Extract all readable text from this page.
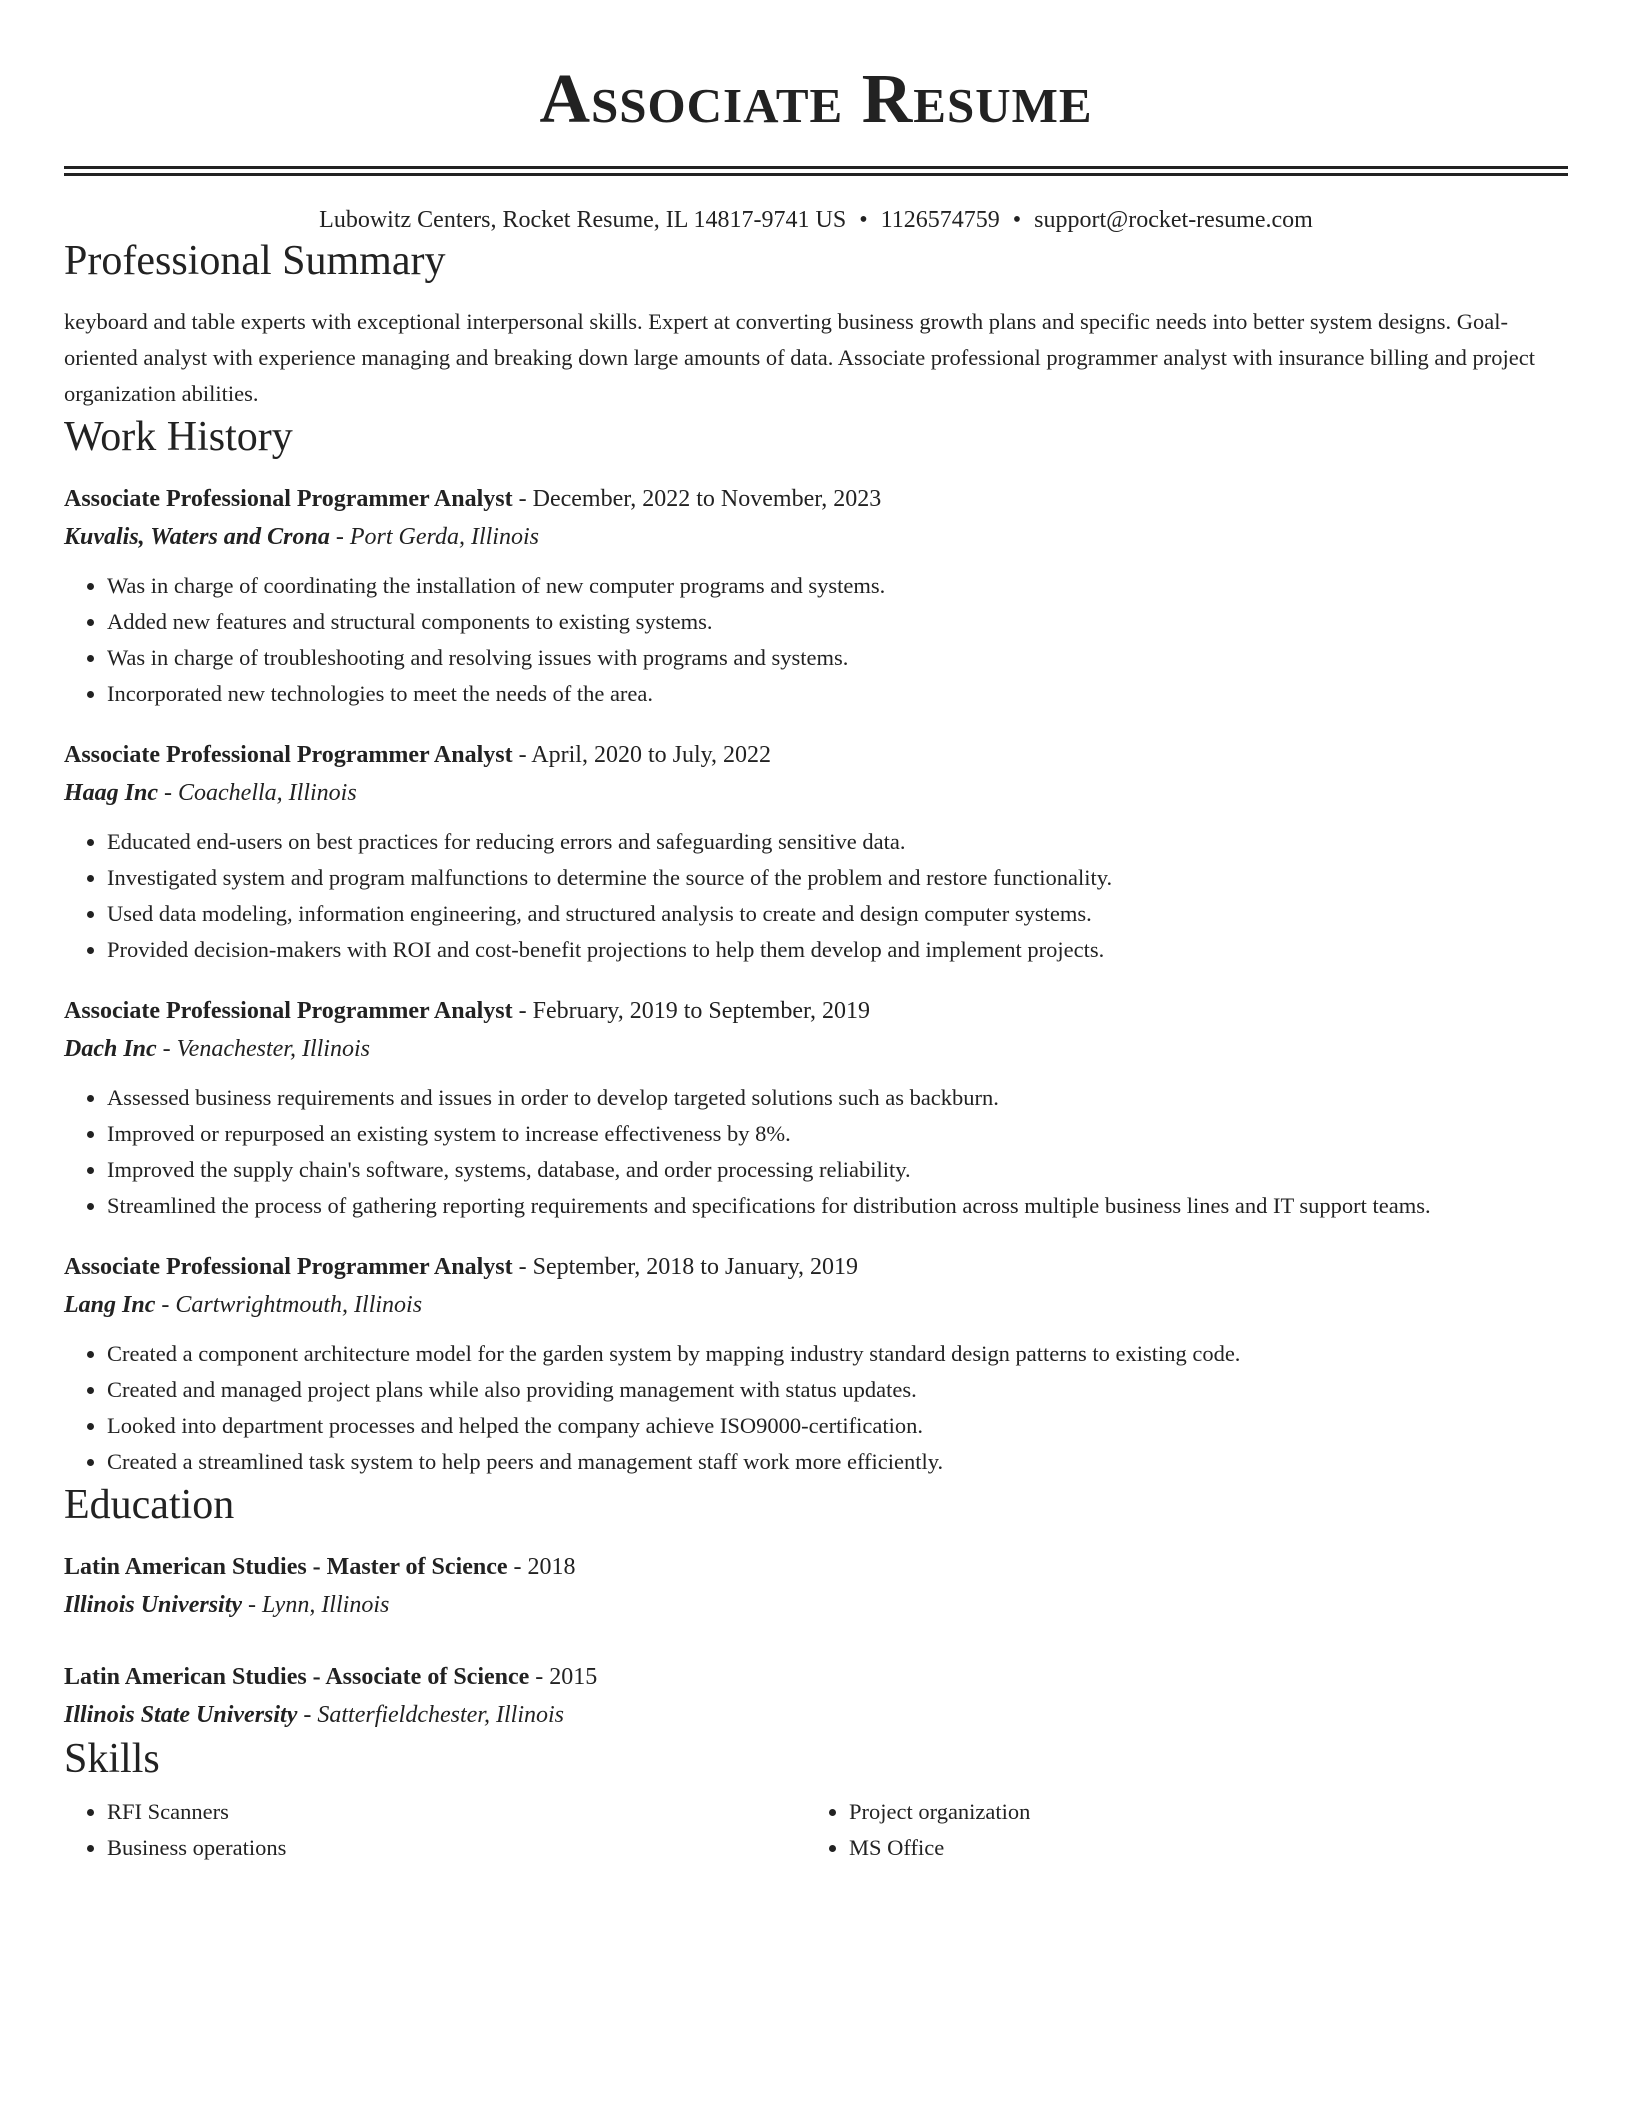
Associate Resume
Lubowitz Centers, Rocket Resume, IL 14817-9741 US • 1126574759 • support@rocket-resume.com
Professional Summary

keyboard and table experts with exceptional interpersonal skills. Expert at converting business growth plans and specific needs into better system designs. Goal-oriented analyst with experience managing and breaking down large amounts of data. Associate professional programmer analyst with insurance billing and project organization abilities.

Work History
Associate Professional Programmer Analyst - December, 2022 to November, 2023
Kuvalis, Waters and Crona - Port Gerda, Illinois
• Was in charge of coordinating the installation of new computer programs and systems.
• Added new features and structural components to existing systems.
• Was in charge of troubleshooting and resolving issues with programs and systems.
• Incorporated new technologies to meet the needs of the area.
Associate Professional Programmer Analyst - April, 2020 to July, 2022
Haag Inc - Coachella, Illinois
• Educated end-users on best practices for reducing errors and safeguarding sensitive data.
• Investigated system and program malfunctions to determine the source of the problem and restore functionality.
• Used data modeling, information engineering, and structured analysis to create and design computer systems.
• Provided decision-makers with ROI and cost-benefit projections to help them develop and implement projects.
Associate Professional Programmer Analyst - February, 2019 to September, 2019
Dach Inc - Venachester, Illinois
• Assessed business requirements and issues in order to develop targeted solutions such as backburn.
• Improved or repurposed an existing system to increase effectiveness by 8%.
• Improved the supply chain's software, systems, database, and order processing reliability.
• Streamlined the process of gathering reporting requirements and specifications for distribution across multiple business lines and IT support teams.
Associate Professional Programmer Analyst - September, 2018 to January, 2019
Lang Inc - Cartwrightmouth, Illinois
• Created a component architecture model for the garden system by mapping industry standard design patterns to existing code.
• Created and managed project plans while also providing management with status updates.
• Looked into department processes and helped the company achieve ISO9000-certification.
• Created a streamlined task system to help peers and management staff work more efficiently.
Education
Latin American Studies - Master of Science - 2018
Illinois University - Lynn, Illinois
Latin American Studies - Associate of Science - 2015
Illinois State University - Satterfieldchester, Illinois
Skills
• RFI Scanners
• Business operations
• Project organization
• MS Office
